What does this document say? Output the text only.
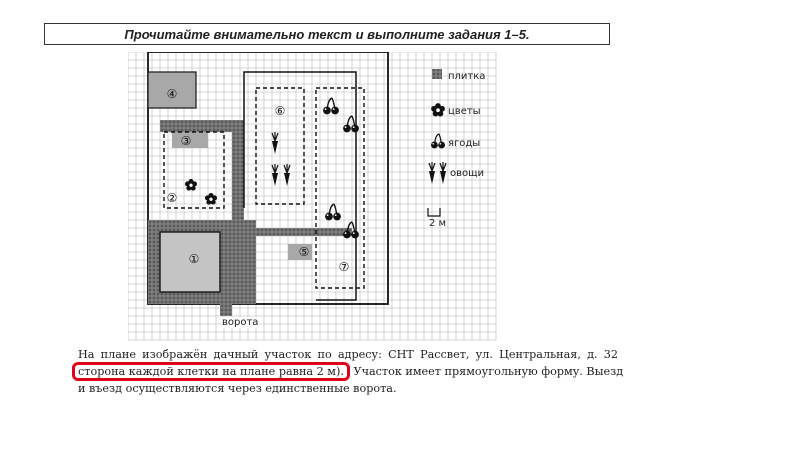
Прочитайте внимательно текст и выполните задания 1–5.
①
②
③
④
⑤
⑥
⑦
плитка
цветы
ягоды
овощи
2 м
ворота
На плане изображён дачный участок по адресу: СНТ Рассвет, ул. Центральная, д. 32
сторона каждой клетки на плане равна 2 м). Участок имеет прямоугольную форму. Выезд
и въезд осуществляются через единственные ворота.
